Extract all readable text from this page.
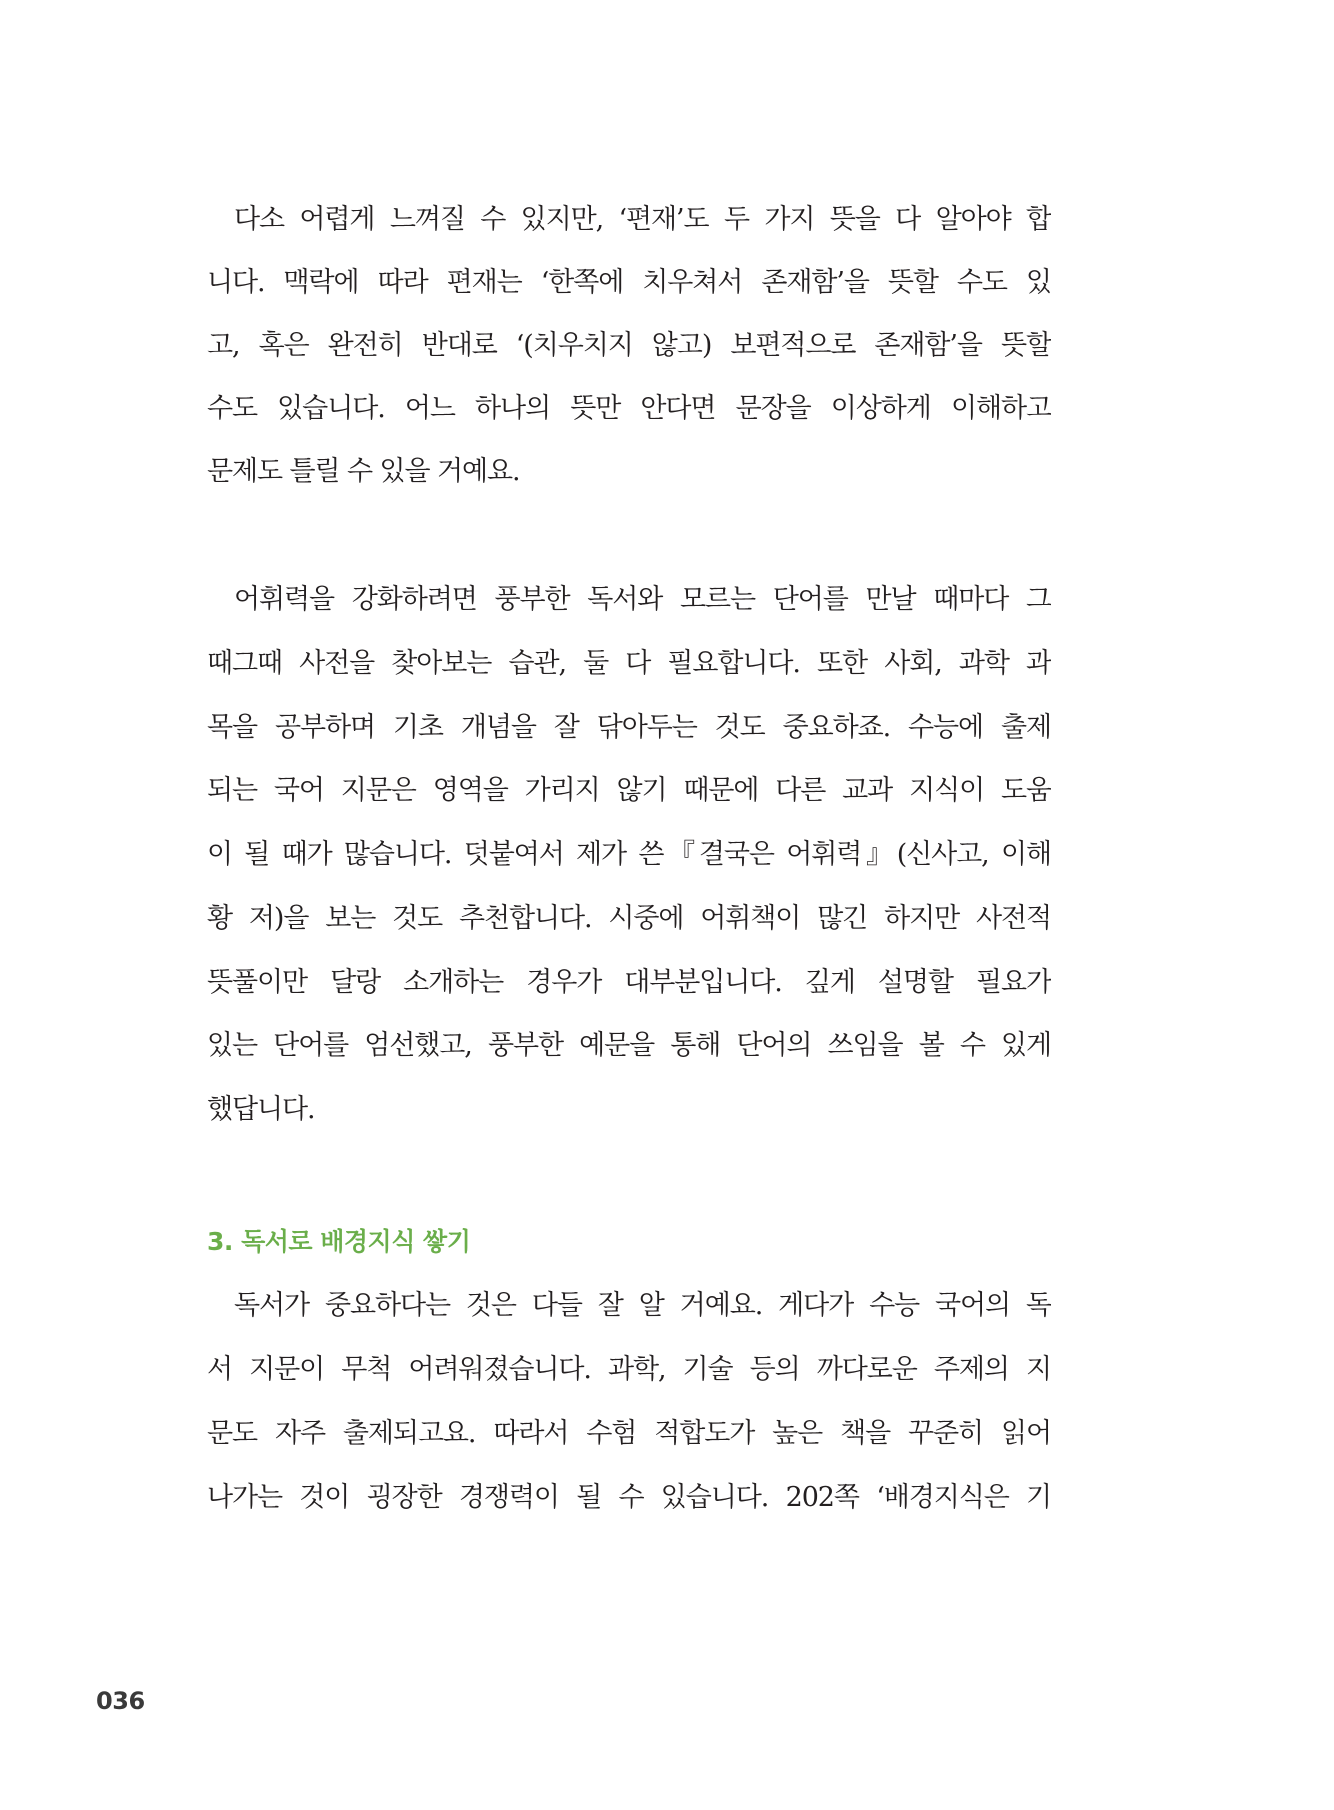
다소 어렵게 느껴질 수 있지만, ‘편재’도 두 가지 뜻을 다 알아야 합
니다. 맥락에 따라 편재는 ‘한쪽에 치우쳐서 존재함’을 뜻할 수도 있
고, 혹은 완전히 반대로 ‘(치우치지 않고) 보편적으로 존재함’을 뜻할
수도 있습니다. 어느 하나의 뜻만 안다면 문장을 이상하게 이해하고
문제도 틀릴 수 있을 거예요.
어휘력을 강화하려면 풍부한 독서와 모르는 단어를 만날 때마다 그
때그때 사전을 찾아보는 습관, 둘 다 필요합니다. 또한 사회, 과학 과
목을 공부하며 기초 개념을 잘 닦아두는 것도 중요하죠. 수능에 출제
되는 국어 지문은 영역을 가리지 않기 때문에 다른 교과 지식이 도움
이 될 때가 많습니다. 덧붙여서 제가 쓴『결국은 어휘력』(신사고, 이해
황 저)을 보는 것도 추천합니다. 시중에 어휘책이 많긴 하지만 사전적
뜻풀이만 달랑 소개하는 경우가 대부분입니다. 깊게 설명할 필요가
있는 단어를 엄선했고, 풍부한 예문을 통해 단어의 쓰임을 볼 수 있게
했답니다.
3. 독서로 배경지식 쌓기
독서가 중요하다는 것은 다들 잘 알 거예요. 게다가 수능 국어의 독
서 지문이 무척 어려워졌습니다. 과학, 기술 등의 까다로운 주제의 지
문도 자주 출제되고요. 따라서 수험 적합도가 높은 책을 꾸준히 읽어
나가는 것이 굉장한 경쟁력이 될 수 있습니다. 202쪽 ‘배경지식은 기
036
